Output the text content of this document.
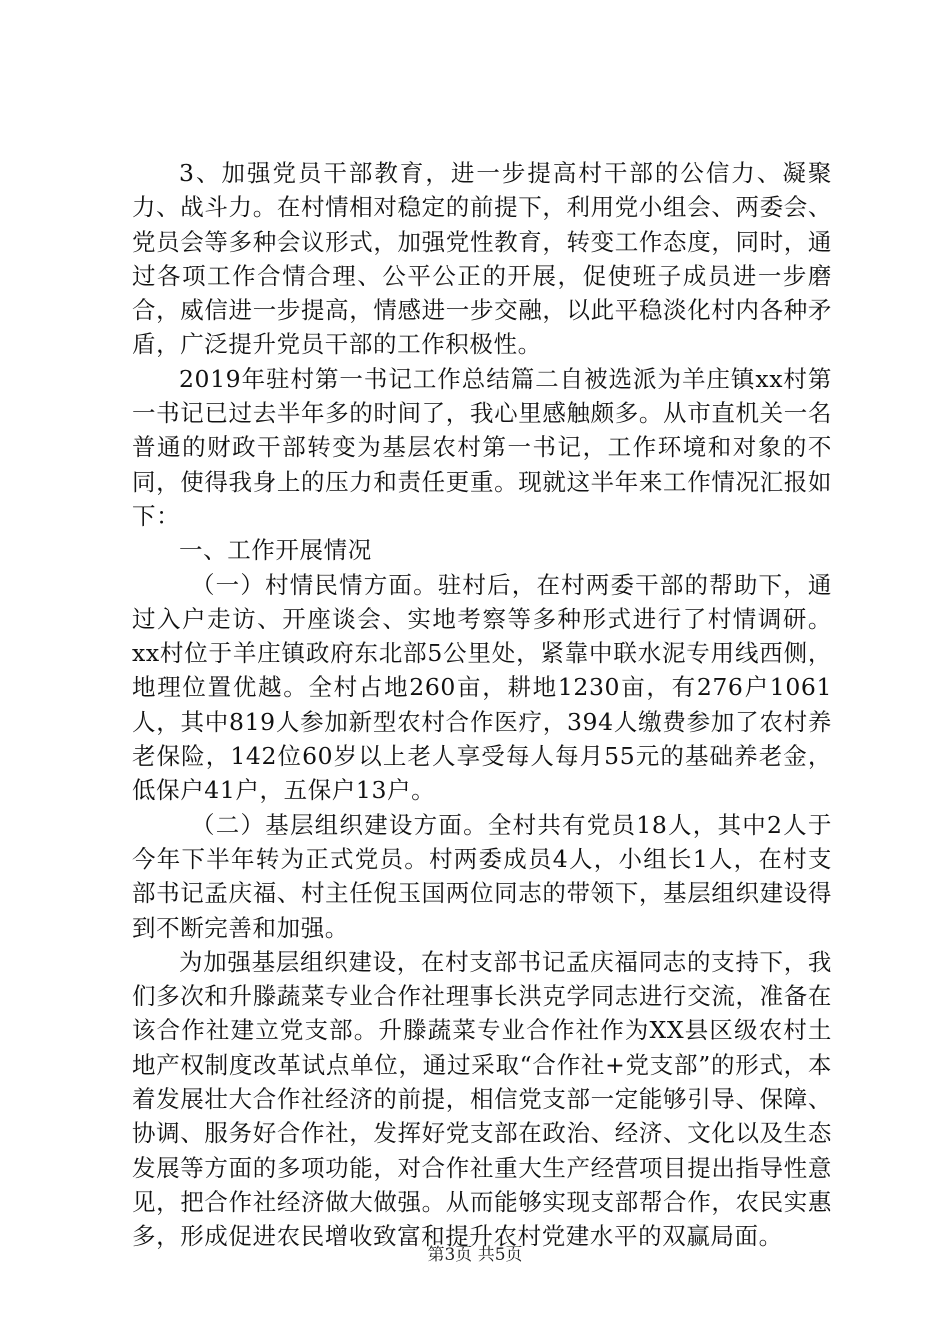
3、加强党员干部教育，进一步提高村干部的公信力、凝聚力、战斗力。在村情相对稳定的前提下，利用党小组会、两委会、党员会等多种会议形式，加强党性教育，转变工作态度，同时，通过各项工作合情合理、公平公正的开展，促使班子成员进一步磨合，威信进一步提高，情感进一步交融，以此平稳淡化村内各种矛盾，广泛提升党员干部的工作积极性。

2019年驻村第一书记工作总结篇二自被选派为羊庄镇xx村第一书记已过去半年多的时间了，我心里感触颇多。从市直机关一名普通的财政干部转变为基层农村第一书记，工作环境和对象的不同，使得我身上的压力和责任更重。现就这半年来工作情况汇报如下：

一、工作开展情况

（一）村情民情方面。驻村后，在村两委干部的帮助下，通过入户走访、开座谈会、实地考察等多种形式进行了村情调研。xx村位于羊庄镇政府东北部5公里处，紧靠中联水泥专用线西侧，地理位置优越。全村占地260亩，耕地1230亩，有276户1061人，其中819人参加新型农村合作医疗，394人缴费参加了农村养老保险，142位60岁以上老人享受每人每月55元的基础养老金，低保户41户，五保户13户。

（二）基层组织建设方面。全村共有党员18人，其中2人于今年下半年转为正式党员。村两委成员4人，小组长1人，在村支部书记孟庆福、村主任倪玉国两位同志的带领下，基层组织建设得到不断完善和加强。

为加强基层组织建设，在村支部书记孟庆福同志的支持下，我们多次和升滕蔬菜专业合作社理事长洪克学同志进行交流，准备在该合作社建立党支部。升滕蔬菜专业合作社作为XX县区级农村土地产权制度改革试点单位，通过采取“合作社+党支部”的形式，本着发展壮大合作社经济的前提，相信党支部一定能够引导、保障、协调、服务好合作社，发挥好党支部在政治、经济、文化以及生态发展等方面的多项功能，对合作社重大生产经营项目提出指导性意见，把合作社经济做大做强。从而能够实现支部帮合作，农民实惠多，形成促进农民增收致富和提升农村党建水平的双赢局面。

第3页 共5页
